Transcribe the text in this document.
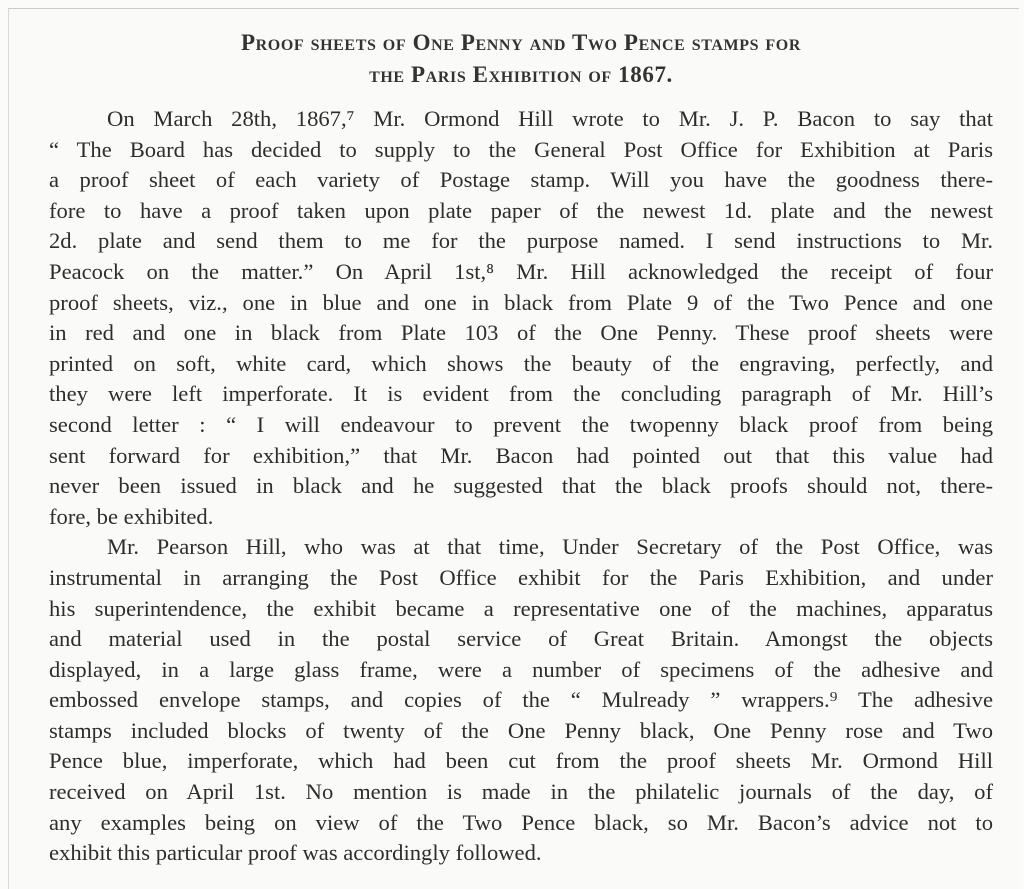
Proof sheets of One Penny and Two Pence stamps for
the Paris Exhibition of 1867.

On March 28th, 1867,⁷ Mr. Ormond Hill wrote to Mr. J. P. Bacon to say that
“ The Board has decided to supply to the General Post Office for Exhibition at Paris
a proof sheet of each variety of Postage stamp. Will you have the goodness there-
fore to have a proof taken upon plate paper of the newest 1d. plate and the newest
2d. plate and send them to me for the purpose named. I send instructions to Mr.
Peacock on the matter.” On April 1st,⁸ Mr. Hill acknowledged the receipt of four
proof sheets, viz., one in blue and one in black from Plate 9 of the Two Pence and one
in red and one in black from Plate 103 of the One Penny. These proof sheets were
printed on soft, white card, which shows the beauty of the engraving, perfectly, and
they were left imperforate. It is evident from the concluding paragraph of Mr. Hill’s
second letter : “ I will endeavour to prevent the twopenny black proof from being
sent forward for exhibition,” that Mr. Bacon had pointed out that this value had
never been issued in black and he suggested that the black proofs should not, there-
fore, be exhibited.

Mr. Pearson Hill, who was at that time, Under Secretary of the Post Office, was
instrumental in arranging the Post Office exhibit for the Paris Exhibition, and under
his superintendence, the exhibit became a representative one of the machines, apparatus
and material used in the postal service of Great Britain. Amongst the objects
displayed, in a large glass frame, were a number of specimens of the adhesive and
embossed envelope stamps, and copies of the “ Mulready ” wrappers.⁹ The adhesive
stamps included blocks of twenty of the One Penny black, One Penny rose and Two
Pence blue, imperforate, which had been cut from the proof sheets Mr. Ormond Hill
received on April 1st. No mention is made in the philatelic journals of the day, of
any examples being on view of the Two Pence black, so Mr. Bacon’s advice not to
exhibit this particular proof was accordingly followed.
